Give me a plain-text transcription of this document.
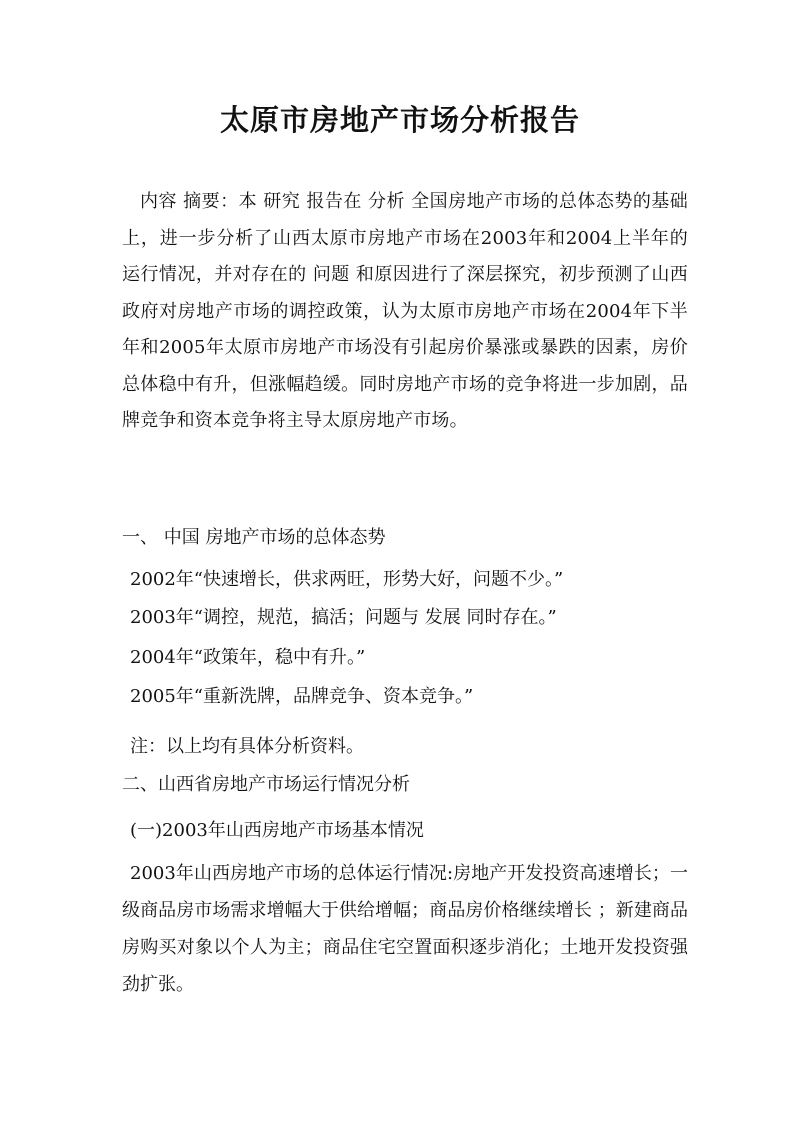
太原市房地产市场分析报告

内容 摘要：本 研究 报告在 分析 全国房地产市场的总体态势的基础上，进一步分析了山西太原市房地产市场在2003年和2004上半年的运行情况，并对存在的 问题 和原因进行了深层探究，初步预测了山西政府对房地产市场的调控政策，认为太原市房地产市场在2004年下半年和2005年太原市房地产市场没有引起房价暴涨或暴跌的因素，房价总体稳中有升，但涨幅趋缓。同时房地产市场的竞争将进一步加剧，品牌竞争和资本竞争将主导太原房地产市场。

一、 中国 房地产市场的总体态势

2002年“快速增长，供求两旺，形势大好，问题不少。”

2003年“调控，规范，搞活；问题与 发展 同时存在。”

2004年“政策年，稳中有升。”

2005年“重新洗牌，品牌竞争、资本竞争。”

注：以上均有具体分析资料。

二、山西省房地产市场运行情况分析

(一)2003年山西房地产市场基本情况

2003年山西房地产市场的总体运行情况:房地产开发投资高速增长；一级商品房市场需求增幅大于供给增幅；商品房价格继续增长 ；新建商品房购买对象以个人为主；商品住宅空置面积逐步消化；土地开发投资强劲扩张。
